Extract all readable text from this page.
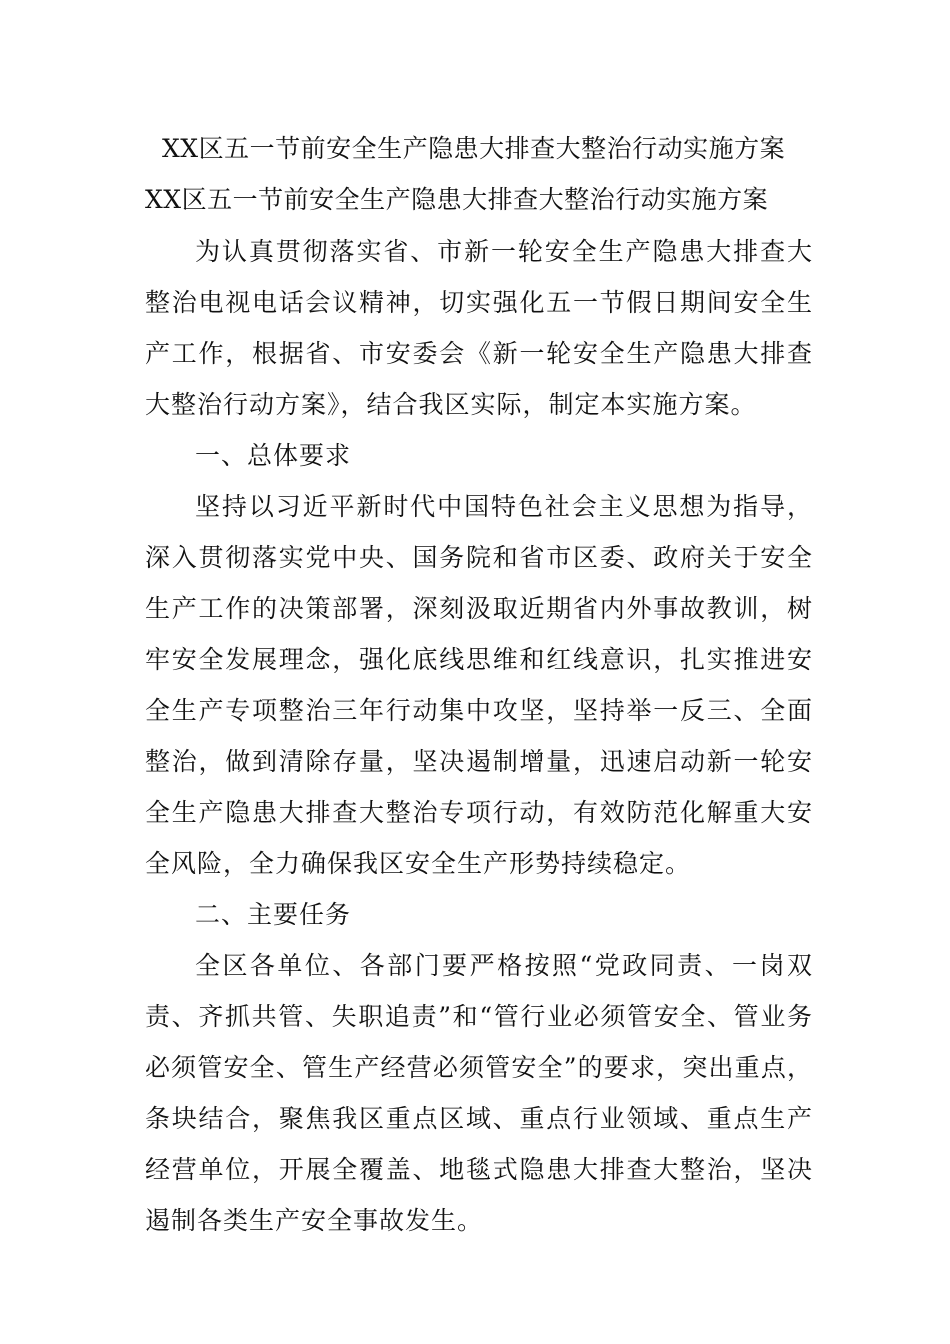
XX区五一节前安全生产隐患大排查大整治行动实施方案
XX区五一节前安全生产隐患大排查大整治行动实施方案

为认真贯彻落实省、市新一轮安全生产隐患大排查大整治电视电话会议精神，切实强化五一节假日期间安全生产工作，根据省、市安委会《新一轮安全生产隐患大排查大整治行动方案》，结合我区实际，制定本实施方案。

一、总体要求

坚持以习近平新时代中国特色社会主义思想为指导，深入贯彻落实党中央、国务院和省市区委、政府关于安全生产工作的决策部署，深刻汲取近期省内外事故教训，树牢安全发展理念，强化底线思维和红线意识，扎实推进安全生产专项整治三年行动集中攻坚，坚持举一反三、全面整治，做到清除存量，坚决遏制增量，迅速启动新一轮安全生产隐患大排查大整治专项行动，有效防范化解重大安全风险，全力确保我区安全生产形势持续稳定。

二、主要任务

全区各单位、各部门要严格按照“党政同责、一岗双责、齐抓共管、失职追责”和“管行业必须管安全、管业务必须管安全、管生产经营必须管安全”的要求，突出重点，条块结合，聚焦我区重点区域、重点行业领域、重点生产经营单位，开展全覆盖、地毯式隐患大排查大整治，坚决遏制各类生产安全事故发生。
